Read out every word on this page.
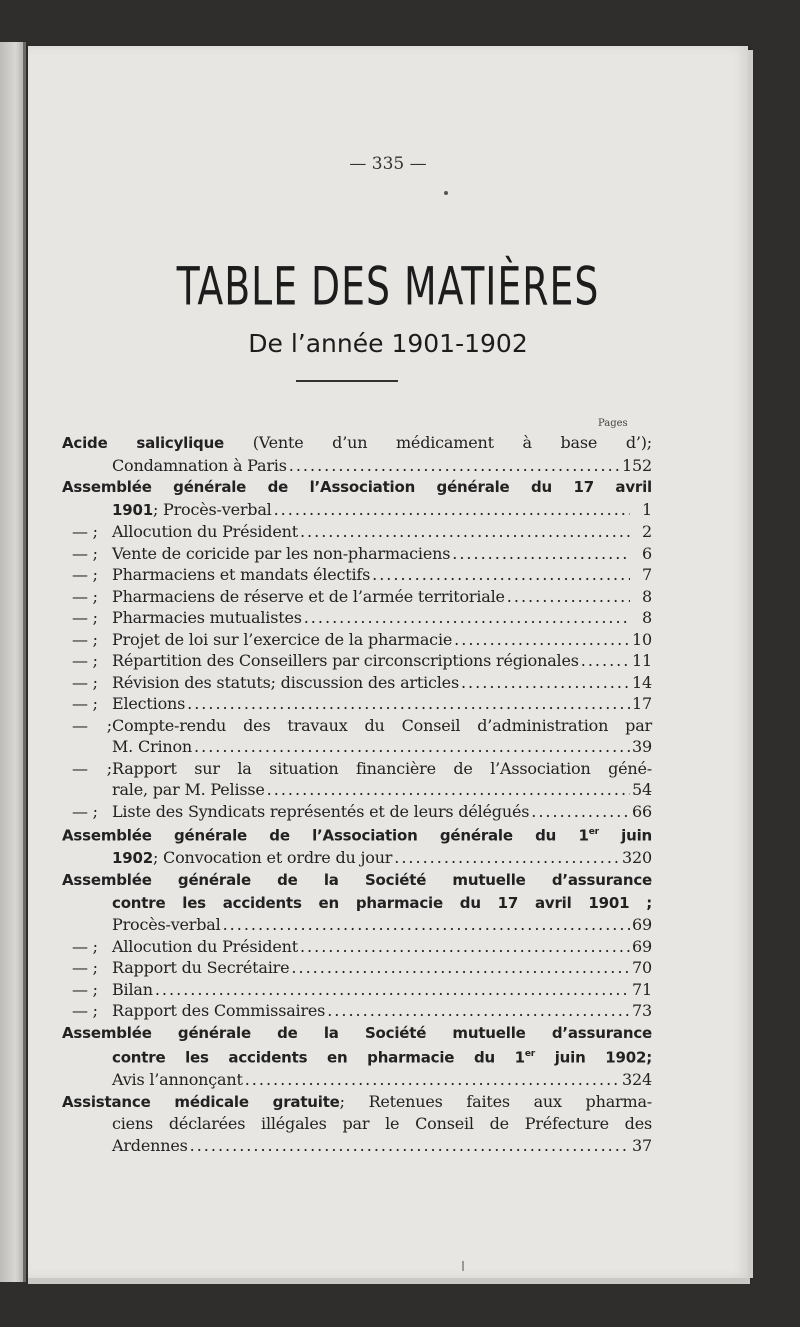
— 335 —
TABLE DES MATIÈRES
De l’année 1901-1902
Pages
Acide salicylique (Vente d’un médicament à base d’);
Condamnation à Paris .....	152
Assemblée générale de l’Association générale du 17 avril
1901; Procès-verbal .....	1
— ; Allocution du Président .....	2
— ; Vente de coricide par les non-pharmaciens .....	6
— ; Pharmaciens et mandats électifs .....	7
— ; Pharmaciens de réserve et de l’armée territoriale .....	8
— ; Pharmacies mutualistes .....	8
— ; Projet de loi sur l’exercice de la pharmacie .....	10
— ; Répartition des Conseillers par circonscriptions régionales .....	11
— ; Révision des statuts; discussion des articles .....	14
— ; Elections .....	17
— ;Compte-rendu des travaux du Conseil d’administration par
M. Crinon .....	39
— ;Rapport sur la situation financière de l’Association géné-
rale, par M. Pelisse .....	54
— ; Liste des Syndicats représentés et de leurs délégués .....	66
Assemblée générale de l’Association générale du 1er juin
1902; Convocation et ordre du jour .....	320
Assemblée générale de la Société mutuelle d’assurance
contre les accidents en pharmacie du 17 avril 1901 ;
Procès-verbal .....	69
— ; Allocution du Président .....	69
— ; Rapport du Secrétaire .....	70
— ; Bilan .....	71
— ; Rapport des Commissaires .....	73
Assemblée générale de la Société mutuelle d’assurance
contre les accidents en pharmacie du 1er juin 1902;
Avis l’annonçant .....	324
Assistance médicale gratuite; Retenues faites aux pharma-
ciens déclarées illégales par le Conseil de Préfecture des
Ardennes .....	37
